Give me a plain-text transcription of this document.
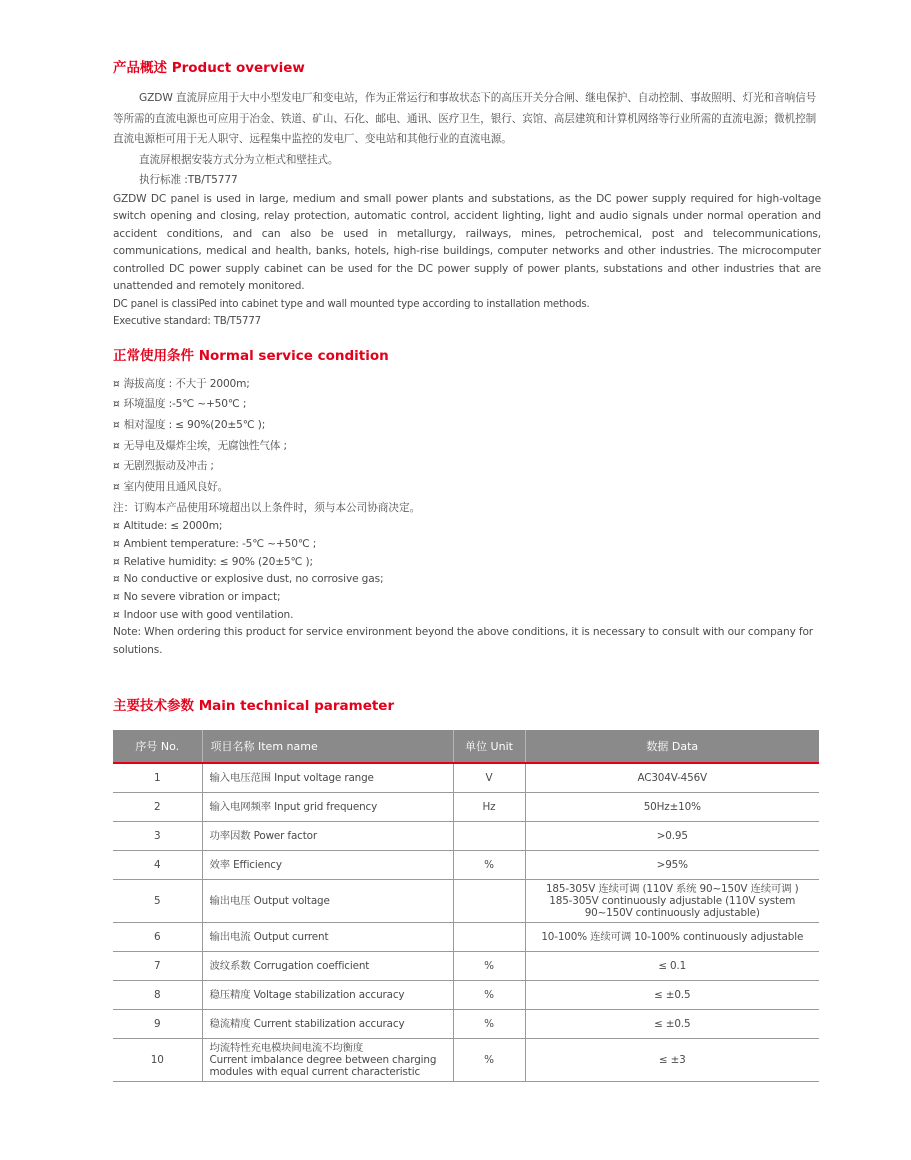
产品概述 Product overview

GZDW 直流屏应用于大中小型发电厂和变电站，作为正常运行和事故状态下的高压开关分合闸、继电保护、自动控制、事故照明、灯光和音响信号等所需的直流电源也可应用于冶金、铁道、矿山、石化、邮电、通讯、医疗卫生，银行、宾馆、高层建筑和计算机网络等行业所需的直流电源；微机控制直流电源柜可用于无人职守、远程集中监控的发电厂、变电站和其他行业的直流电源。

直流屏根据安装方式分为立柜式和壁挂式。

执行标准 :TB/T5777

GZDW DC panel is used in large, medium and small power plants and substations, as the DC power supply required for high-voltage switch opening and closing, relay protection, automatic control, accident lighting, light and audio signals under normal operation and accident conditions, and can also be used in metallurgy, railways, mines, petrochemical, post and telecommunications, communications, medical and health, banks, hotels, high-rise buildings, computer networks and other industries. The microcomputer controlled DC power supply cabinet can be used for the DC power supply of power plants, substations and other industries that are unattended and remotely monitored.

DC panel is classiPed into cabinet type and wall mounted type according to installation methods.

Executive standard: TB/T5777

正常使用条件 Normal service condition
¤ 海拔高度 : 不大于 2000m;
¤ 环境温度 :-5℃ ~+50℃ ;
¤ 相对湿度 : ≤ 90%(20±5℃ );
¤ 无导电及爆炸尘埃，无腐蚀性气体 ;
¤ 无剧烈振动及冲击 ;
¤ 室内使用且通风良好。

注：订购本产品使用环境超出以上条件时，须与本公司协商决定。

¤ Altitude: ≤ 2000m;
¤ Ambient temperature: -5℃ ~+50℃ ;
¤ Relative humidity: ≤ 90% (20±5℃ );
¤ No conductive or explosive dust, no corrosive gas;
¤ No severe vibration or impact;
¤ Indoor use with good ventilation.

Note: When ordering this product for service environment beyond the above conditions, it is necessary to consult with our company for solutions.

主要技术参数 Main technical parameter
序号 No.	项目名称 Item name	单位 Unit	数据 Data
1	输入电压范围 Input voltage range	V	AC304V-456V
2	输入电网频率 Input grid frequency	Hz	50Hz±10%
3	功率因数 Power factor		>0.95
4	效率 Efficiency	%	>95%
5	输出电压 Output voltage		185-305V 连续可调 (110V 系统 90~150V 连续可调 )
185-305V continuously adjustable (110V system
90~150V continuously adjustable)

6	输出电流 Output current		10-100% 连续可调 10-100% continuously adjustable
7	波纹系数 Corrugation coefficient	%	≤ 0.1
8	稳压精度 Voltage stabilization accuracy	%	≤ ±0.5
9	稳流精度 Current stabilization accuracy	%	≤ ±0.5
10	均流特性充电模块间电流不均衡度
Current imbalance degree between charging
modules with equal current characteristic	%	≤ ±3
